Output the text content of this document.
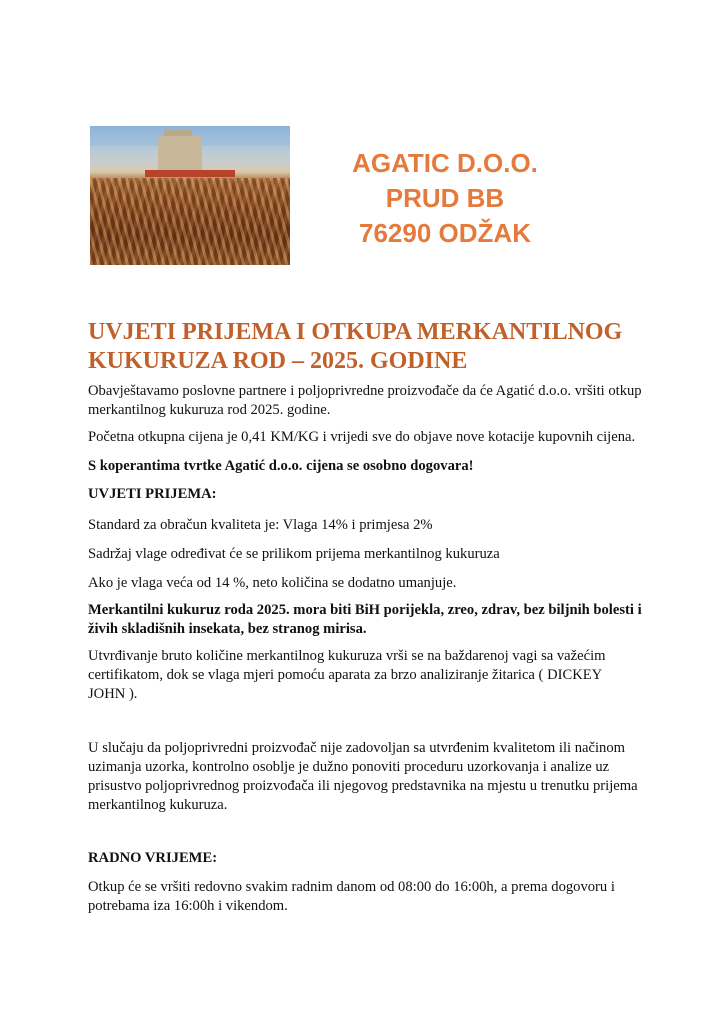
AGATIC D.O.O.
PRUD BB
76290 ODŽAK
UVJETI PRIJEMA I OTKUPA MERKANTILNOG
KUKURUZA ROD – 2025. GODINE

Obavještavamo poslovne partnere i poljoprivredne proizvođače da će Agatić d.o.o. vršiti otkup merkantilnog kukuruza rod 2025. godine.

Početna otkupna cijena je 0,41 KM/KG i vrijedi sve do objave nove kotacije kupovnih cijena.

S koperantima tvrtke Agatić d.o.o. cijena se osobno dogovara!

UVJETI PRIJEMA:

Standard za obračun kvaliteta je: Vlaga 14% i primjesa 2%

Sadržaj vlage određivat će se prilikom prijema merkantilnog kukuruza

Ako je vlaga veća od 14 %, neto količina se dodatno umanjuje.

Merkantilni kukuruz roda 2025. mora biti BiH porijekla, zreo, zdrav, bez biljnih bolesti i živih skladišnih insekata, bez stranog mirisa.

Utvrđivanje bruto količine merkantilnog kukuruza vrši se na baždarenoj vagi sa važećim certifikatom, dok se vlaga mjeri pomoću aparata za brzo analiziranje žitarica ( DICKEY JOHN ).

U slučaju da poljoprivredni proizvođač nije zadovoljan sa utvrđenim kvalitetom ili načinom uzimanja uzorka, kontrolno osoblje je dužno ponoviti proceduru uzorkovanja i analize uz prisustvo poljoprivrednog proizvođača ili njegovog predstavnika na mjestu u trenutku prijema merkantilnog kukuruza.

RADNO VRIJEME:

Otkup će se vršiti redovno svakim radnim danom od 08:00 do 16:00h, a prema dogovoru i potrebama iza 16:00h i vikendom.
